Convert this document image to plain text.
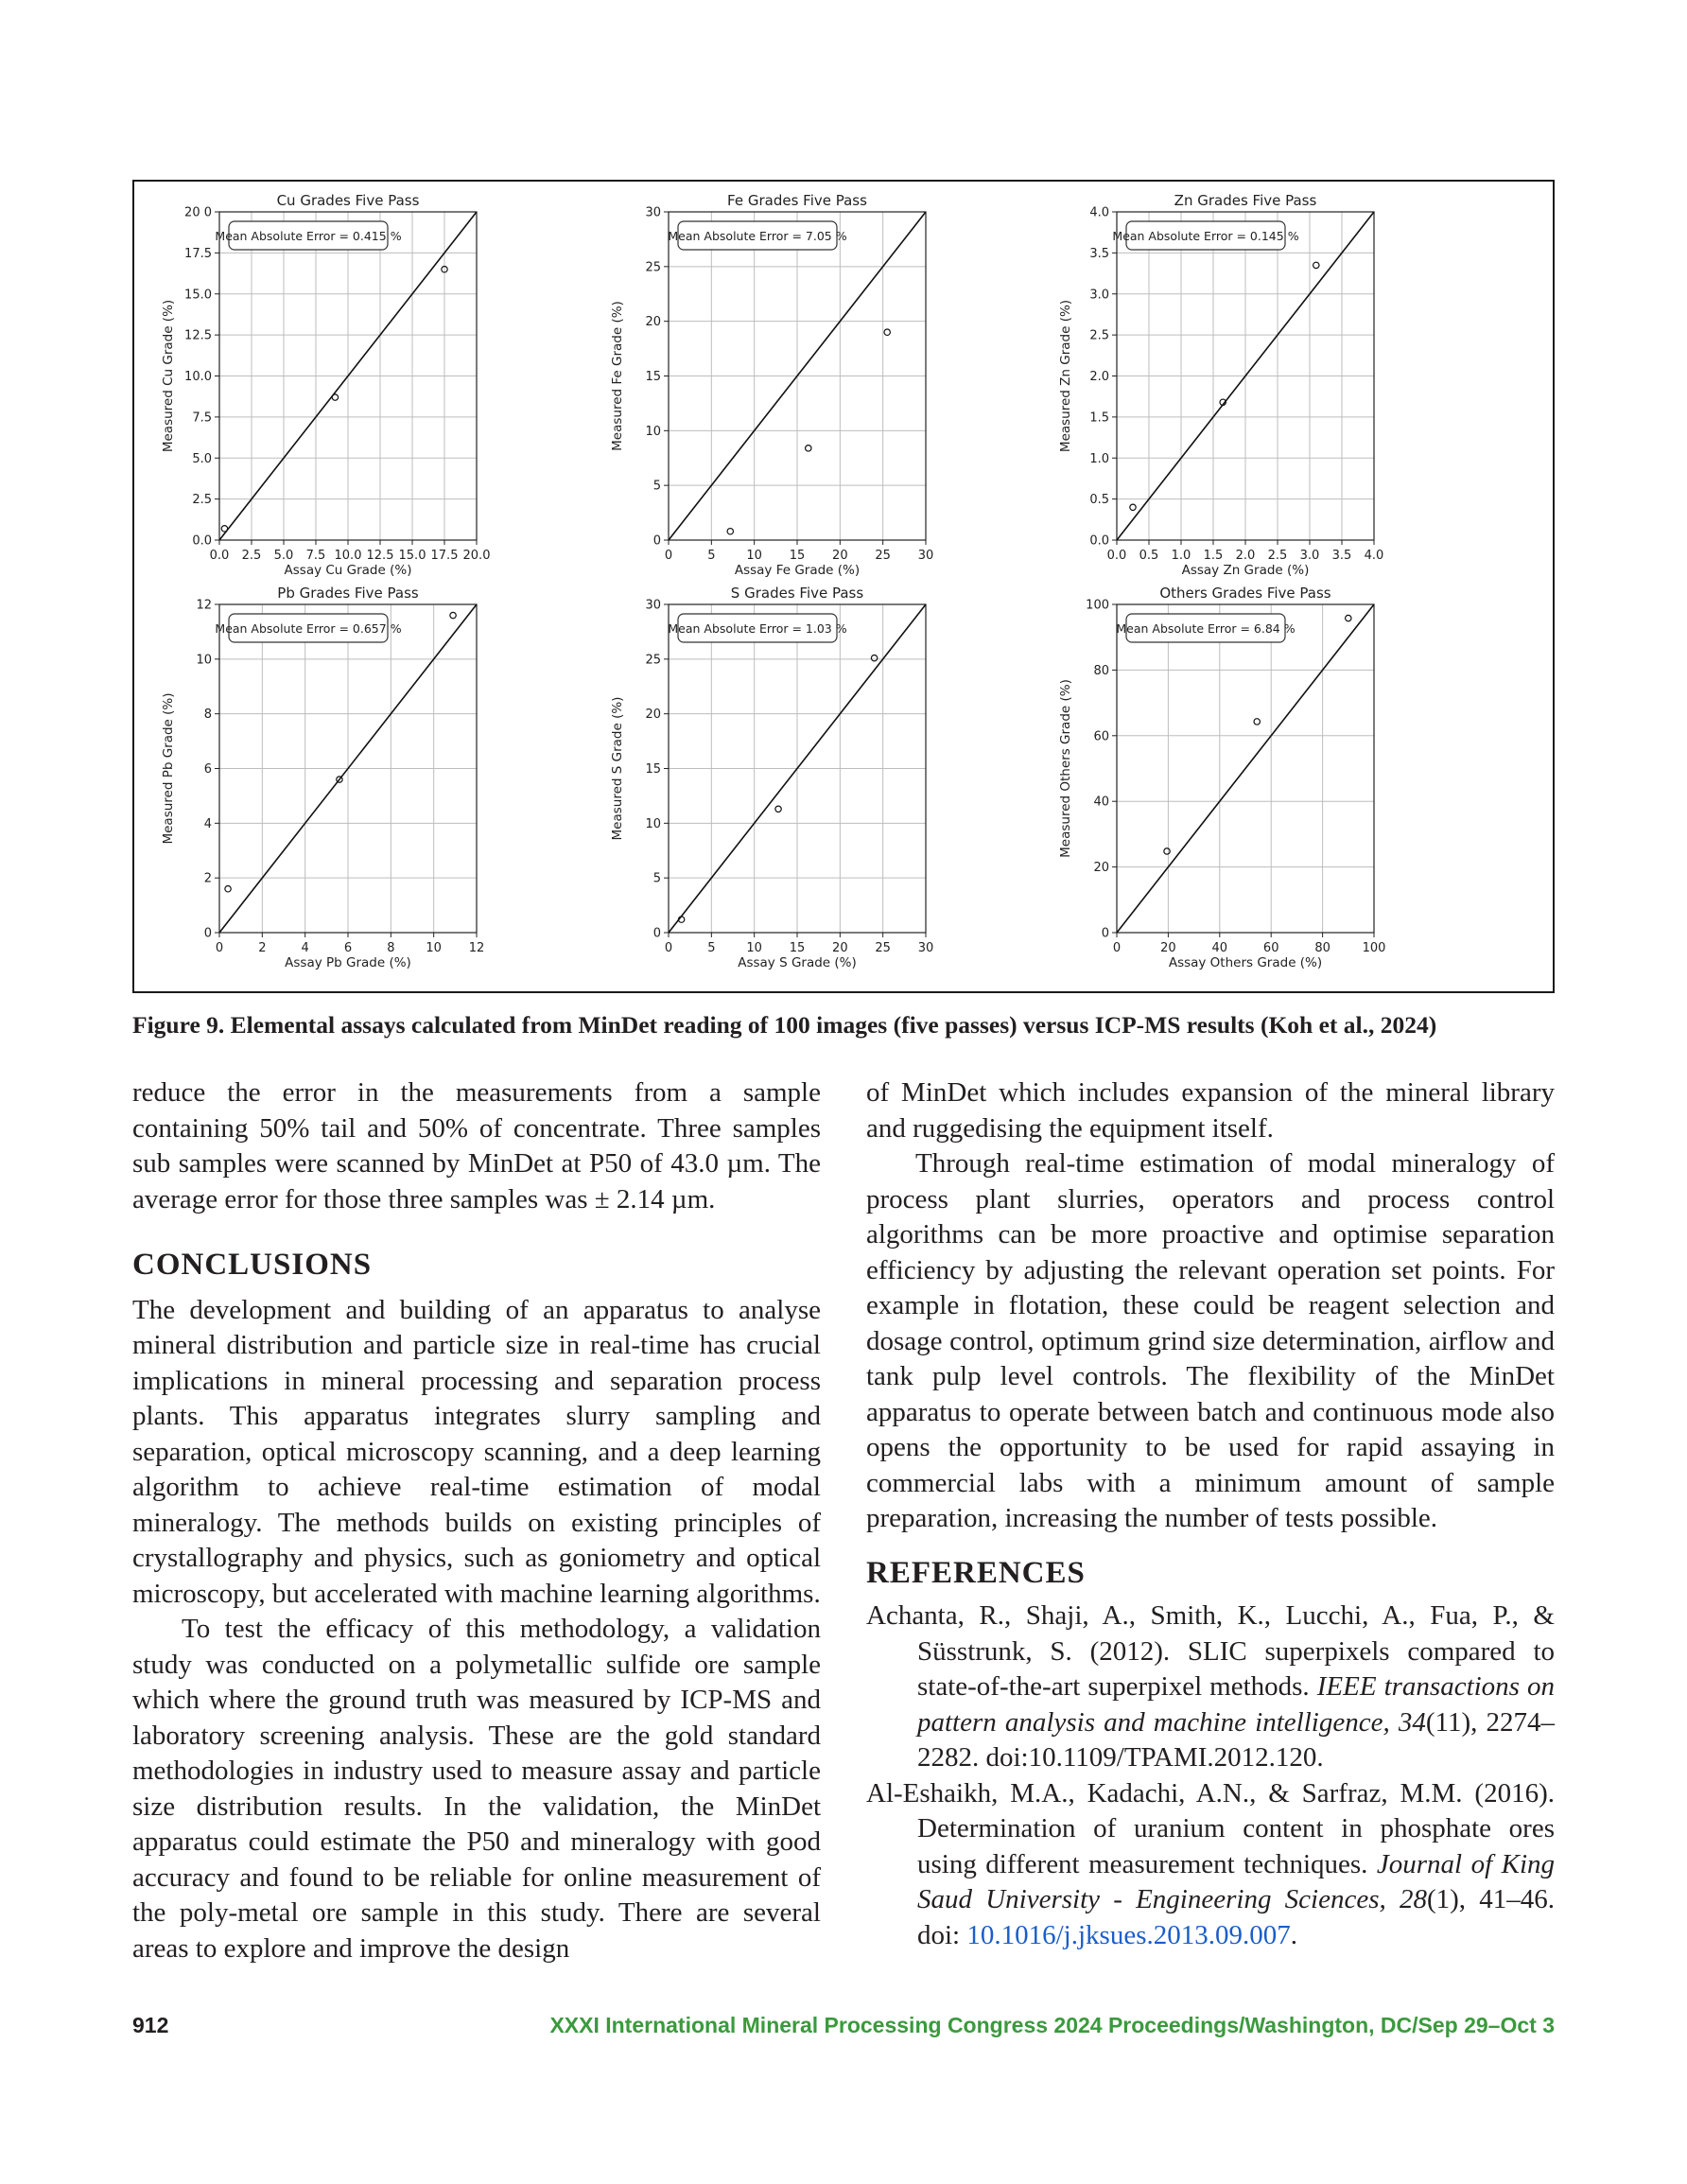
0.0 2.5 5.0 7.5 10.0 12.5 15.0 17.5 20.0
0.0
2.5
5.0
7.5
10.0
12.5
15.0
17.5
20 0
Mean Absolute Error = 0.415 %
Cu Grades Five Pass
Assay Cu Grade (%)
Measured Cu Grade (%)
0	5	10 15 20 25 30
0
5
10
15
20
25
30
Mean Absolute Error = 7.05 %
Fe Grades Five Pass
Assay Fe Grade (%)
Measured Fe Grade (%)
0.0 0.5 1.0 1.5 2.0 2.5 3.0 3.5 4.0
0.0
0.5
1.0
1.5
2.0
2.5
3.0
3.5
4.0
Mean Absolute Error = 0.145 %
Zn Grades Five Pass
Assay Zn Grade (%)
Measured Zn Grade (%)
0	2	4	6	8	10 12
0
2
4
6
8
10
12
Mean Absolute Error = 0.657 %
Pb Grades Five Pass
Assay Pb Grade (%)
Measured Pb Grade (%)
0	5	10 15 20 25 30
0
5
10
15
20
25
30
Mean Absolute Error = 1.03 %
S Grades Five Pass
Assay S Grade (%)
Measured S Grade (%)
0	20	40	60	80	100
0
20
40
60
80
100
Mean Absolute Error = 6.84 %
Others Grades Five Pass
Assay Others Grade (%)
Measured Others Grade (%)
Figure 9. Elemental assays calculated from MinDet reading of 100 images (five passes) versus ICP-MS results (Koh et al., 2024)

reduce the error in the measurements from a sample containing 50% tail and 50% of concentrate. Three samples sub samples were scanned by MinDet at P50 of 43.0 µm. The average error for those three samples was ± 2.14 µm.

CONCLUSIONS

The development and building of an apparatus to analyse mineral distribution and particle size in real-time has crucial implications in mineral processing and separation process plants. This apparatus integrates slurry sampling and separation, optical microscopy scanning, and a deep learning algorithm to achieve real-time estimation of modal mineralogy. The methods builds on existing principles of crystallography and physics, such as goniometry and optical microscopy, but accelerated with machine learning algorithms.

To test the efficacy of this methodology, a validation study was conducted on a polymetallic sulfide ore sample which where the ground truth was measured by ICP-MS and laboratory screening analysis. These are the gold standard methodologies in industry used to measure assay and particle size distribution results. In the validation, the MinDet apparatus could estimate the P50 and mineralogy with good accuracy and found to be reliable for online measurement of the poly-metal ore sample in this study. There are several areas to explore and improve the design

of MinDet which includes expansion of the mineral library and ruggedising the equipment itself.

Through real-time estimation of modal mineralogy of process plant slurries, operators and process control algorithms can be more proactive and optimise separation efficiency by adjusting the relevant operation set points. For example in flotation, these could be reagent selection and dosage control, optimum grind size determination, airflow and tank pulp level controls. The flexibility of the MinDet apparatus to operate between batch and continuous mode also opens the opportunity to be used for rapid assaying in commercial labs with a minimum amount of sample preparation, increasing the number of tests possible.

REFERENCES

Achanta, R., Shaji, A., Smith, K., Lucchi, A., Fua, P., & Süsstrunk, S. (2012). SLIC superpixels compared to state-of-the-art superpixel methods. IEEE transactions on pattern analysis and machine intelligence, 34(11), 2274–2282. doi:10.1109/TPAMI.2012.120.

Al-Eshaikh, M.A., Kadachi, A.N., & Sarfraz, M.M. (2016). Determination of uranium content in phosphate ores using different measurement techniques. Journal of King Saud University - Engineering Sciences, 28(1), 41–46. doi: 10.1016/j.jksues.2013.09.007.

912	XXXI International Mineral Processing Congress 2024 Proceedings/Washington, DC/Sep 29–Oct 3
